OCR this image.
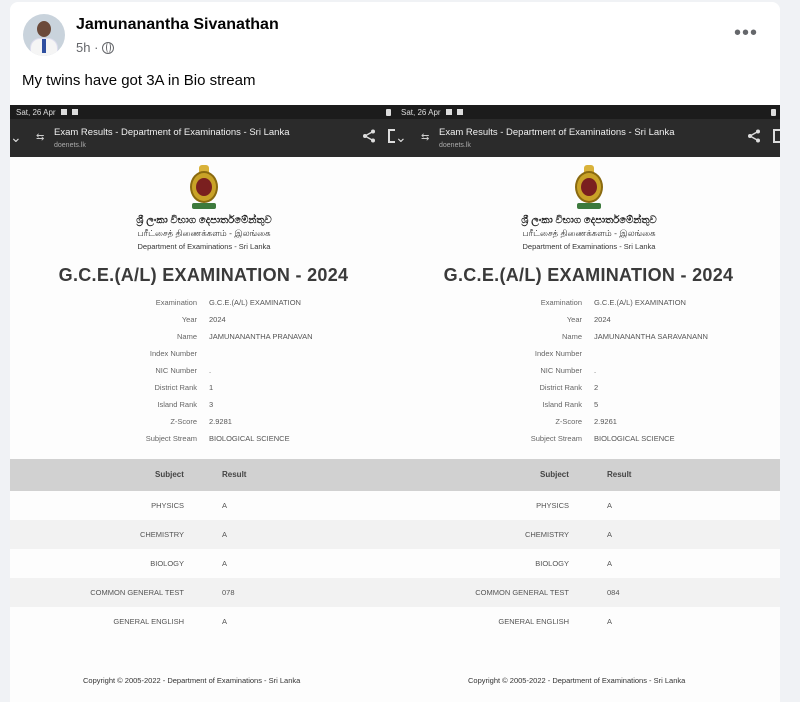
Jamunanantha Sivanathan
5h ·
•••
My twins have got 3A in Bio stream
Sat, 26 Apr
⌄ ⇆ Exam Results - Department of Examinations - Sri Lanka
doenets.lk
ශ්‍රී ලංකා විභාග දෙපාර්තමේන්තුව
பரீட்சைத் திணைக்களம் - இலங்கை
Department of Examinations - Sri Lanka
G.C.E.(A/L) EXAMINATION - 2024
Examination G.C.E.(A/L) EXAMINATION
Year 2024
Name JAMUNANANTHA PRANAVAN
Index Number
NIC Number .
District Rank 1
Island Rank 3
Z-Score 2.9281
Subject Stream BIOLOGICAL SCIENCE
Subject	Result
PHYSICS	A
CHEMISTRY	A
BIOLOGY	A
COMMON GENERAL TEST	078
GENERAL ENGLISH	A
Copyright © 2005-2022 - Department of Examinations - Sri Lanka
Sat, 26 Apr
⌄ ⇆ Exam Results - Department of Examinations - Sri Lanka
doenets.lk
ශ්‍රී ලංකා විභාග දෙපාර්තමේන්තුව
பரீட்சைத் திணைக்களம் - இலங்கை
Department of Examinations - Sri Lanka
G.C.E.(A/L) EXAMINATION - 2024
Examination G.C.E.(A/L) EXAMINATION
Year 2024
Name JAMUNANANTHA SARAVANANN
Index Number
NIC Number .
District Rank 2
Island Rank 5
Z-Score 2.9261
Subject Stream BIOLOGICAL SCIENCE
Subject	Result
PHYSICS	A
CHEMISTRY	A
BIOLOGY	A
COMMON GENERAL TEST	084
GENERAL ENGLISH	A
Copyright © 2005-2022 - Department of Examinations - Sri Lanka
